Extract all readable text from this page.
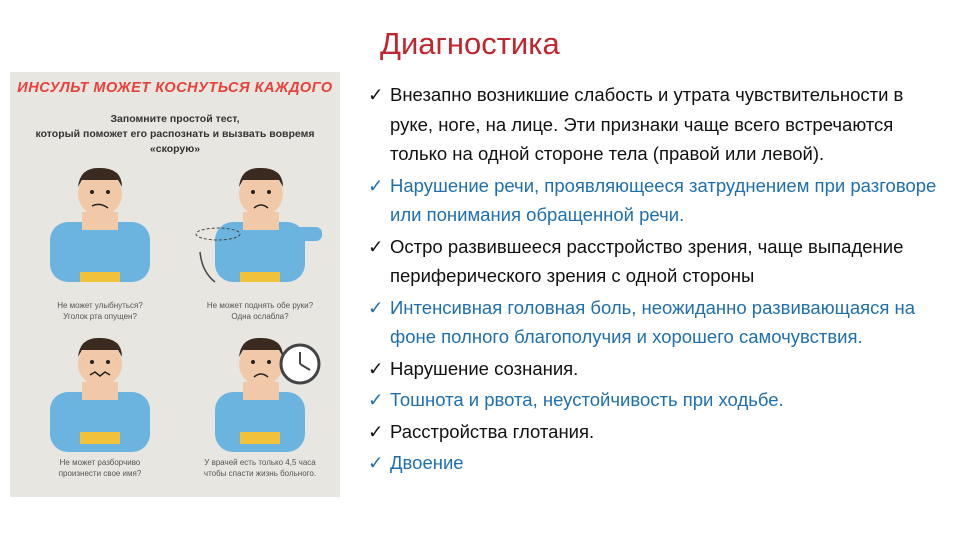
Диагностика
ИНСУЛЬТ МОЖЕТ КОСНУТЬСЯ КАЖДОГО
Запомните простой тест,
который поможет его распознать и вызвать вовремя
«скорую»
Не может улыбнуться?
Уголок рта опущен?
Не может поднять обе руки?
Одна ослабла?
Не может разборчиво
произнести свое имя?
У врачей есть только 4,5 часа
чтобы спасти жизнь больного.
✓ Внезапно возникшие слабость и утрата чувствительности в руке, ноге, на лице. Эти признаки чаще всего встречаются только на одной стороне тела (правой или левой).
✓ Нарушение речи, проявляющееся затруднением при разговоре или понимания обращенной речи.
✓ Остро развившееся расстройство зрения, чаще выпадение периферического зрения с одной стороны
✓ Интенсивная головная боль, неожиданно развивающаяся на фоне полного благополучия и хорошего самочувствия.
✓ Нарушение сознания.
✓ Тошнота и рвота, неустойчивость при ходьбе.
✓ Расстройства глотания.
✓ Двоение
